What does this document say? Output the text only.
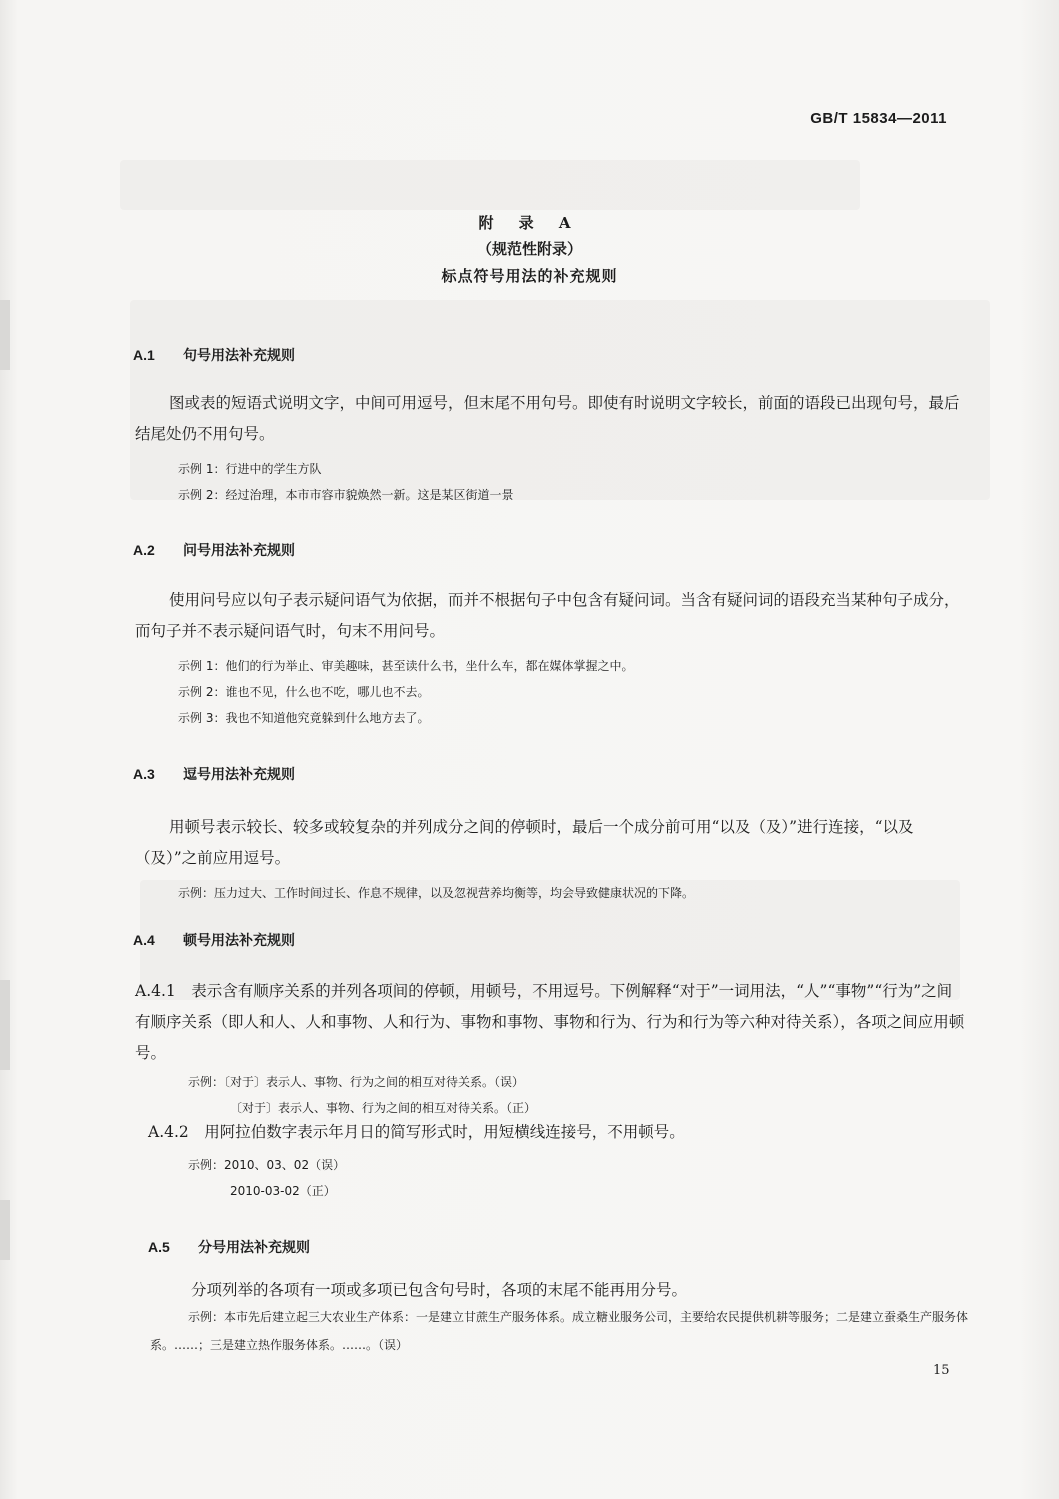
GB/T 15834—2011
附 录 A
（规范性附录）
标点符号用法的补充规则
A.1 句号用法补充规则
图或表的短语式说明文字，中间可用逗号，但末尾不用句号。即使有时说明文字较长，前面的语段已出现句号，最后结尾处仍不用句号。
示例 1：行进中的学生方队
示例 2：经过治理，本市市容市貌焕然一新。这是某区街道一景
A.2 问号用法补充规则
使用问号应以句子表示疑问语气为依据，而并不根据句子中包含有疑问词。当含有疑问词的语段充当某种句子成分，而句子并不表示疑问语气时，句末不用问号。
示例 1：他们的行为举止、审美趣味，甚至读什么书，坐什么车，都在媒体掌握之中。
示例 2：谁也不见，什么也不吃，哪儿也不去。
示例 3：我也不知道他究竟躲到什么地方去了。
A.3 逗号用法补充规则
用顿号表示较长、较多或较复杂的并列成分之间的停顿时，最后一个成分前可用“以及（及）”进行连接，“以及（及）”之前应用逗号。
示例：压力过大、工作时间过长、作息不规律，以及忽视营养均衡等，均会导致健康状况的下降。
A.4 顿号用法补充规则
A.4.1　表示含有顺序关系的并列各项间的停顿，用顿号，不用逗号。下例解释“对于”一词用法，“人”“事物”“行为”之间有顺序关系（即人和人、人和事物、人和行为、事物和事物、事物和行为、行为和行为等六种对待关系），各项之间应用顿号。
示例：〔对于〕表示人、事物、行为之间的相互对待关系。（误）
〔对于〕表示人、事物、行为之间的相互对待关系。（正）
A.4.2　用阿拉伯数字表示年月日的简写形式时，用短横线连接号，不用顿号。
示例：2010、03、02（误）
2010-03-02（正）
A.5 分号用法补充规则
分项列举的各项有一项或多项已包含句号时，各项的末尾不能再用分号。
示例：本市先后建立起三大农业生产体系：一是建立甘蔗生产服务体系。成立糖业服务公司，主要给农民提供机耕等服务；二是建立蚕桑生产服务体系。……；三是建立热作服务体系。……。（误）
15
